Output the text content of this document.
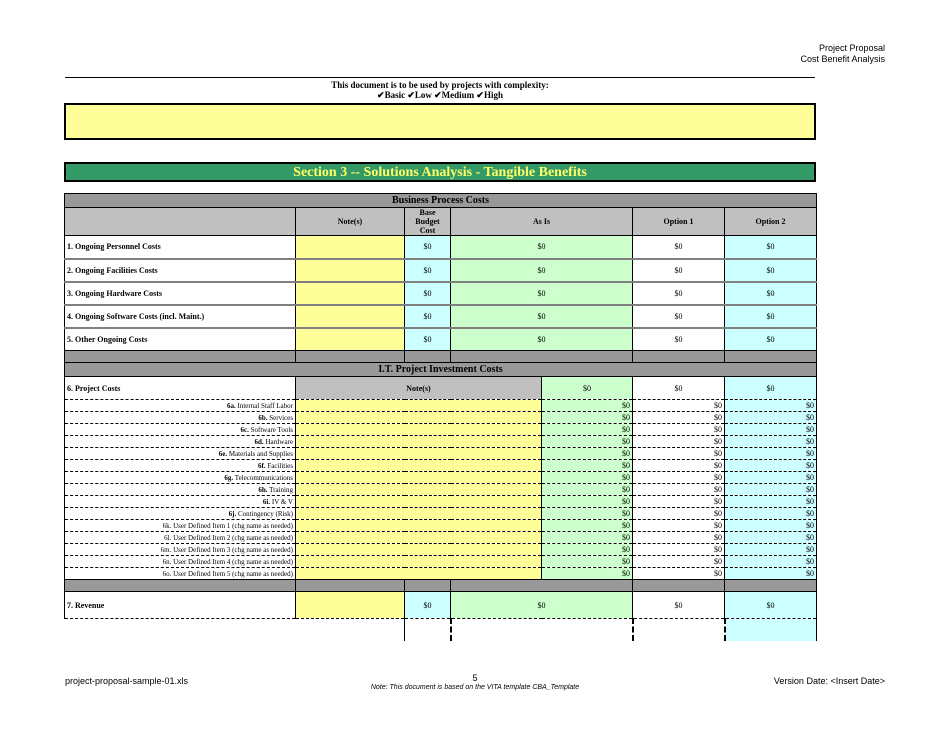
Project Proposal
Cost Benefit Analysis
This document is to be used by projects with complexity:
✔Basic ✔Low ✔Medium ✔High
Section 3 -- Solutions Analysis - Tangible Benefits
Business Process Costs						
	Note(s)	Base Budget Cost	As Is		Option 1	Option 2
1. Ongoing Personnel Costs		$0	$0		$0	$0
2. Ongoing Facilities Costs		$0	$0		$0	$0
3. Ongoing Hardware Costs		$0	$0		$0	$0
4. Ongoing Software Costs (incl. Maint.)		$0	$0		$0	$0
5. Other Ongoing Costs		$0	$0		$0	$0

I.T. Project Investment Costs						
6. Project Costs	Note(s)			$0	$0	$0
6a. Internal Staff Labor				$0	$0	$0
6b. Services				$0	$0	$0
6c. Software Tools				$0	$0	$0
6d. Hardware				$0	$0	$0
6e. Materials and Supplies				$0	$0	$0
6f. Facilities				$0	$0	$0
6g. Telecommunications				$0	$0	$0
6h. Training				$0	$0	$0
6i. IV & V				$0	$0	$0
6j. Contingency (Risk)				$0	$0	$0
6k. User Defined Item 1 (chg name as needed)				$0	$0	$0
6l. User Defined Item 2 (chg name as needed)				$0	$0	$0
6m. User Defined Item 3 (chg name as needed)				$0	$0	$0
6n. User Defined Item 4 (chg name as needed)				$0	$0	$0
6o. User Defined Item 5 (chg name as needed)				$0	$0	$0

7. Revenue		$0	$0		$0	$0

project-proposal-sample-01.xls	5
Note: This document is based on the VITA template CBA_Template
Version Date: <Insert Date>
